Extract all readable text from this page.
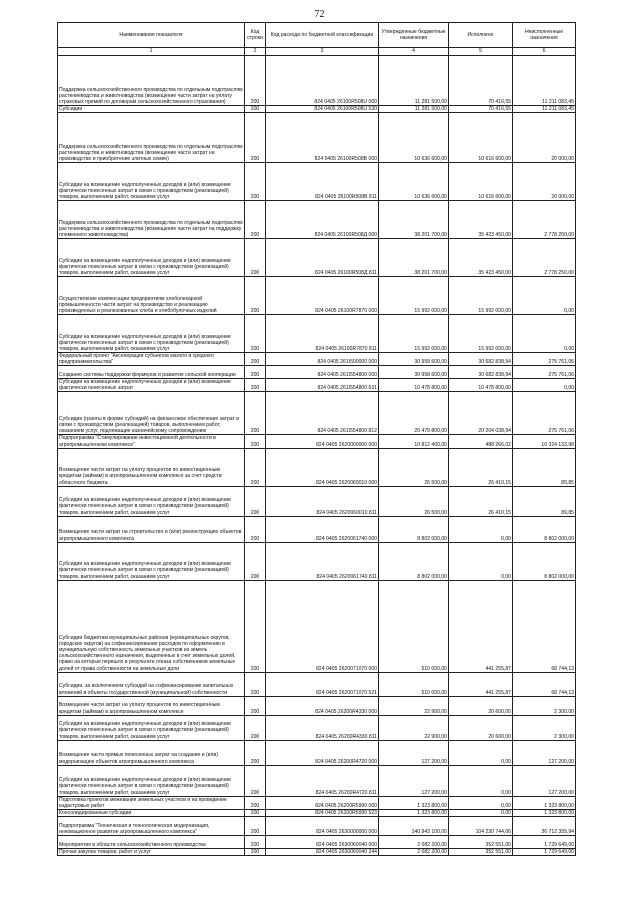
72
Наименование показателя	Код строки	Код расхода по бюджетной классификации	Утвержденные бюджетные назначения	Исполнено	Неисполненные назначения
1	2	3	4	5	6
Поддержка сельскохозяйственного производства по отдельным подотраслям растениеводства и животноводства (возмещение части затрат на уплату страховых премий по договорам сельскохозяйственного страхования)	200	824 0405 26100R508U 000	11 281 500,00	70 416,55	11 211 083,45
Субсидии	200	824 0405 26100R508U 530	11 281 500,00	70 416,55	11 211 083,45
Поддержка сельскохозяйственного производства по отдельным подотраслям растениеводства и животноводства (возмещение части затрат на производство и приобретение элитных семян)	200	824 0405 26100R508B 000	10 636 600,00	10 616 600,00	20 000,00
Субсидии на возмещение недополученных доходов и (или) возмещение фактически понесенных затрат в связи с производством (реализацией) товаров, выполнением работ, оказанием услуг	200	824 0405 26100R508B 811	10 636 600,00	10 616 600,00	20 000,00
Поддержка сельскохозяйственного производства по отдельным подотраслям растениеводства и животноводства (возмещение части затрат на поддержку племенного животноводства)	200	824 0405 26100R508Д 000	38 201 700,00	35 423 450,00	2 778 250,00
Субсидии на возмещение недополученных доходов и (или) возмещение фактически понесенных затрат в связи с производством (реализацией) товаров, выполнением работ, оказанием услуг	200	824 0405 26100R508Д 811	38 201 700,00	35 423 450,00	2 778 250,00
Осуществление компенсации предприятиям хлебопекарной промышленности части затрат на производство и реализацию произведенных и реализованных хлеба и хлебобулочных изделий	200	824 0405 26100R7870 000	15 992 000,00	15 992 000,00	0,00
Субсидии на возмещение недополученных доходов и (или) возмещение фактически понесенных затрат в связи с производством (реализацией) товаров, выполнением работ, оказанием услуг	200	824 0405 26100R7870 811	15 992 000,00	15 992 000,00	0,00
Федеральный проект "Акселерация субъектов малого и среднего предпринимательства"	200	824 0405 261I500000 000	30 958 600,00	30 682 838,94	275 761,06
Создание системы поддержки фермеров и развитие сельской кооперации	200	824 0405 261I554800 000	30 958 600,00	30 682 838,94	275 761,06
Субсидии на возмещение недополученных доходов и (или) возмещение фактически понесенных затрат	200	824 0405 261I554800 631	10 478 800,00	10 478 800,00	0,00
Субсидии (гранты в форме субсидий) на финансовое обеспечение затрат в связи с производством (реализацией) товаров, выполнением работ, оказанием услуг, подлежащие казначейскому сопровождению	200	824 0405 261I554800 812	20 479 800,00	20 204 038,94	275 761,06
Подпрограмма "Стимулирование инвестиционной деятельности в агропромышленном комплексе"	200	824 0405 2620000000 000	10 812 400,00	488 266,02	10 324 133,98
Возмещение части затрат на уплату процентов по инвестиционным кредитам (займам) в агропромышленном комплексе за счет средств областного бюджета	200	824 0405 2620060010 000	26 500,00	26 410,15	89,85
Субсидии на возмещение недополученных доходов и (или) возмещение фактически понесенных затрат в связи с производством (реализацией) товаров, выполнением работ, оказанием услуг	200	824 0405 2620060010 811	26 500,00	26 410,15	89,85
Возмещение части затрат на строительство и (или) реконструкцию объектов агропромышленного комплекса	200	824 0405 2620061740 000	8 802 000,00	0,00	8 802 000,00
Субсидии на возмещение недополученных доходов и (или) возмещение фактически понесенных затрат в связи с производством (реализацией) товаров, выполнением работ, оказанием услуг	200	824 0405 2620061740 811	8 802 000,00	0,00	8 802 000,00
Субсидии бюджетам муниципальных районов (муниципальных округов, городских округов) на софинансирование расходов по оформлению в муниципальную собственность земельных участков из земель сельскохозяйственного назначения, выделенных в счет земельных долей, право на которые перешло в результате отказа собственников земельных долей от права собственности на земельные доли	200	824 0405 2620071070 000	510 000,00	441 255,87	68 744,13
Субсидии, за исключением субсидий на софинансирование капитальных вложений в объекты государственной (муниципальной) собственности	200	824 0405 2620071070 521	510 000,00	441 255,87	68 744,13
Возмещение части затрат на уплату процентов по инвестиционным кредитам (займам) в агропромышленном комплексе	200	824 0405 26200R4330 000	22 900,00	20 600,00	2 300,00
Субсидии на возмещение недополученных доходов и (или) возмещение фактически понесенных затрат в связи с производством (реализацией) товаров, выполнением работ, оказанием услуг	200	824 0405 26200R4330 811	22 900,00	20 600,00	2 300,00
Возмещение части прямых понесенных затрат на создание и (или) модернизацию объектов агропромышленного комплекса	200	824 0405 26200R4720 000	127 200,00	0,00	127 200,00
Субсидии на возмещение недополученных доходов и (или) возмещение фактически понесенных затрат в связи с производством (реализацией) товаров, выполнением работ, оказанием услуг	200	824 0405 26200R4720 811	127 200,00	0,00	127 200,00
Подготовка проектов межевания земельных участков и на проведение кадастровых работ	200	824 0405 26200R5990 000	1 323 800,00	0,00	1 323 800,00
Консолидированные субсидии	200	824 0405 26200R5990 523	1 323 800,00	0,00	1 323 800,00
Подпрограмма "Техническая и технологическая модернизация, инновационное развитие агропромышленного комплекса"	200	824 0405 2630000000 000	140 943 100,00	104 230 744,06	36 712 355,94
Мероприятия в области сельскохозяйственного производства	200	824 0405 2630060040 000	2 082 200,00	352 551,00	1 729 649,00
Прочая закупка товаров, работ и услуг	200	824 0405 2630060040 244	2 082 200,00	352 551,00	1 729 649,00
